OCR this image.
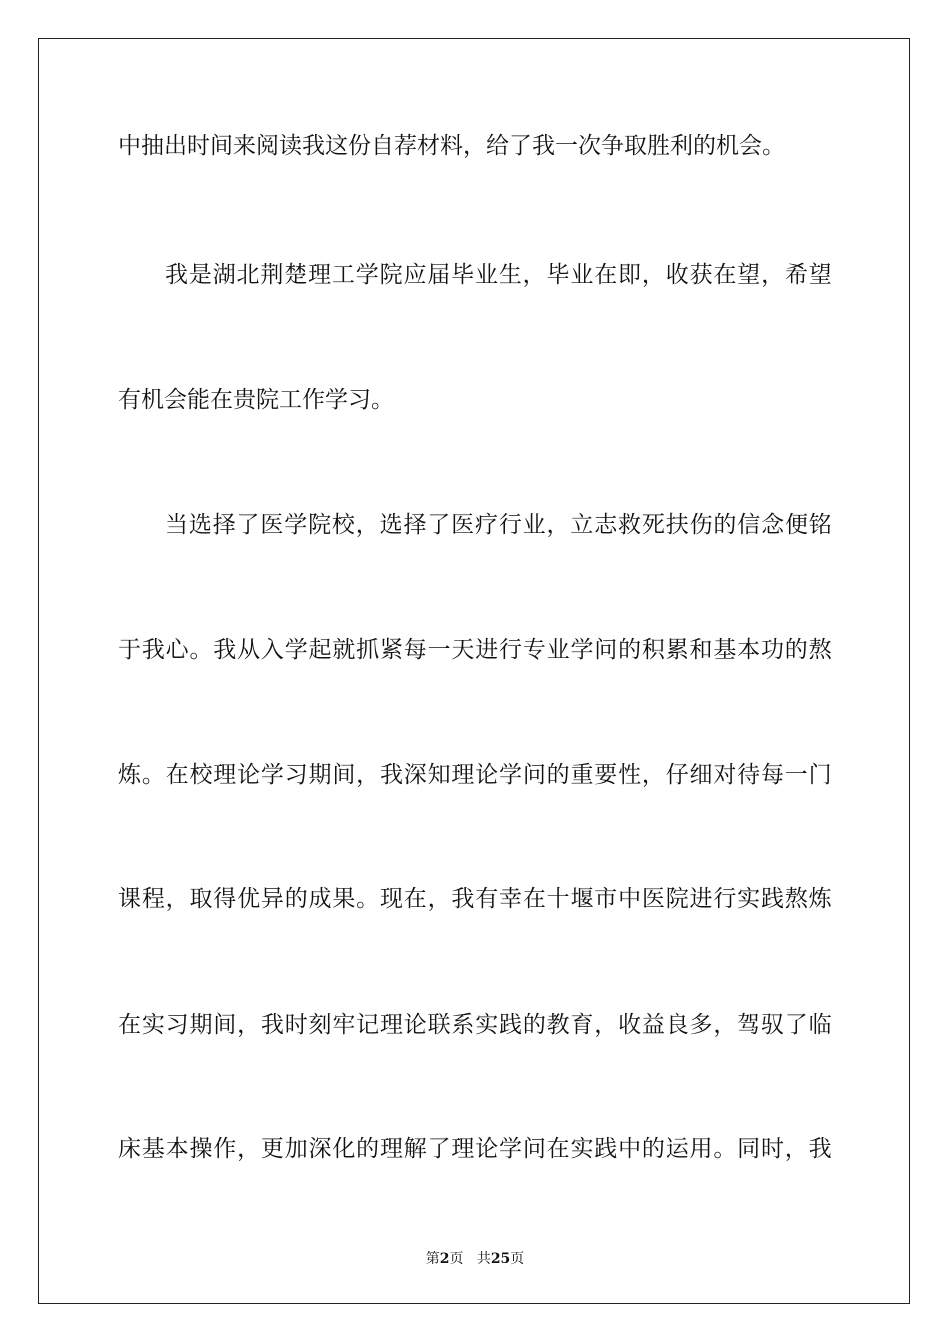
中抽出时间来阅读我这份自荐材料，给了我一次争取胜利的机会。
我 是 湖 北 荆 楚 理 工 学 院 应 届 毕 业 生 ， 毕 业 在 即 ， 收 获 在 望 ， 希 望
有机会能在贵院工作学习。
当 选 择 了 医 学 院 校 ， 选 择 了 医 疗 行 业 ， 立 志 救 死 扶 伤 的 信 念 便 铭
于 我 心 。 我 从 入 学 起 就 抓 紧 每 一 天 进 行 专 业 学 问 的 积 累 和 基 本 功 的 熬
炼 。 在 校 理 论 学 习 期 间 ， 我 深 知 理 论 学 问 的 重 要 性 ， 仔 细 对 待 每 一 门
课 程 ， 取 得 优 异 的 成 果 。 现 在 ， 我 有 幸 在 十 堰 市 中 医 院 进 行 实 践 熬 炼
在 实 习 期 间 ， 我 时 刻 牢 记 理 论 联 系 实 践 的 教 育 ， 收 益 良 多 ， 驾 驭 了 临
床 基 本 操 作 ， 更 加 深 化 的 理 解 了 理 论 学 问 在 实 践 中 的 运 用 。 同 时 ， 我
第2页 共25页
